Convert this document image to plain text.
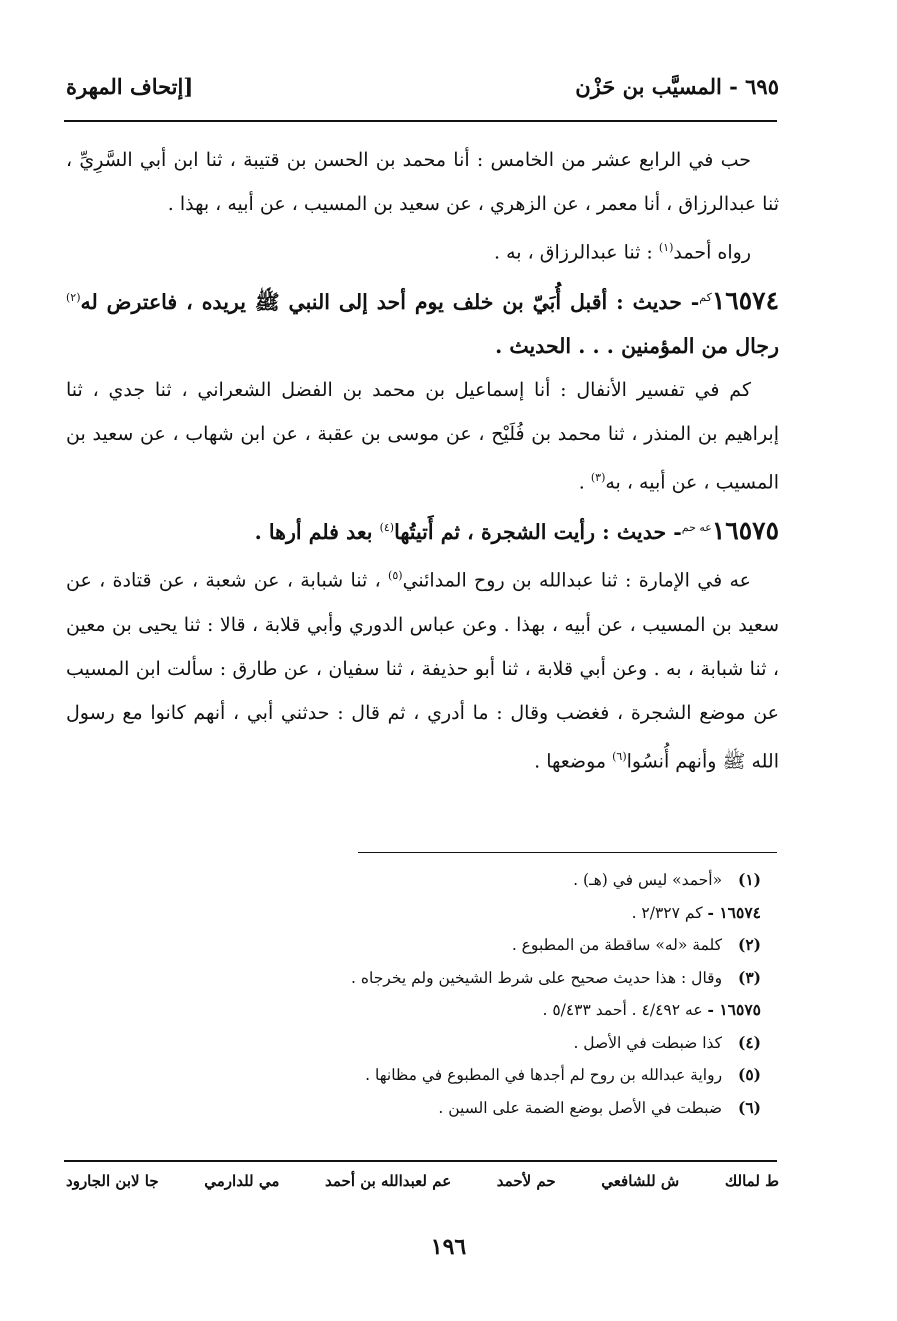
٦٩٥ - المسيَّب بن حَزْن
[إتحاف المهرة

حب في الرابع عشر من الخامس : أنا محمد بن الحسن بن قتيبة ، ثنا ابن أبي السَّرِيِّ ، ثنا عبدالرزاق ، أنا معمر ، عن الزهري ، عن سعيد بن المسيب ، عن أبيه ، بهذا .

رواه أحمد$^{(١)}$ : ثنا عبدالرزاق ، به .

$١٦٥٧٤^{كم}-$ حديث : أقبل أُبَيّ بن خلف يوم أحد إلى النبي ﷺ يريده ، فاعترض له$^{(٢)}$ رجال من المؤمنين . . . الحديث .

كم في تفسير الأنفال : أنا إسماعيل بن محمد بن الفضل الشعراني ، ثنا جدي ، ثنا إبراهيم بن المنذر ، ثنا محمد بن فُلَيْح ، عن موسى بن عقبة ، عن ابن شهاب ، عن سعيد بن المسيب ، عن أبيه ، به$^{(٣)}$ .

$١٦٥٧٥^{عه حم}-$ حديث : رأيت الشجرة ، ثم أَتيتُها$^{(٤)}$ بعد فلم أرها .

عه في الإمارة : ثنا عبدالله بن روح المدائني$^{(٥)}$ ، ثنا شبابة ، عن شعبة ، عن قتادة ، عن سعيد بن المسيب ، عن أبيه ، بهذا . وعن عباس الدوري وأبي قلابة ، قالا : ثنا يحيى بن معين ، ثنا شبابة ، به . وعن أبي قلابة ، ثنا أبو حذيفة ، ثنا سفيان ، عن طارق : سألت ابن المسيب عن موضع الشجرة ، فغضب وقال : ما أدري ، ثم قال : حدثني أبي ، أنهم كانوا مع رسول الله ﷺ وأنهم أُنسُوا$^{(٦)}$ موضعها .

(١) «أحمد» ليس في (هـ) .
١٦٥٧٤ - كم ٢/٣٢٧ .
(٢) كلمة «له» ساقطة من المطبوع .
(٣) وقال : هذا حديث صحيح على شرط الشيخين ولم يخرجاه .
١٦٥٧٥ - عه ٤/٤٩٢ . أحمد ٥/٤٣٣ .
(٤) كذا ضبطت في الأصل .
(٥) رواية عبدالله بن روح لم أجدها في المطبوع في مظانها .
(٦) ضبطت في الأصل بوضع الضمة على السين .
ط لمالك
ش للشافعي
حم لأحمد
عم لعبدالله بن أحمد
مي للدارمي
جا لابن الجارود
١٩٦
